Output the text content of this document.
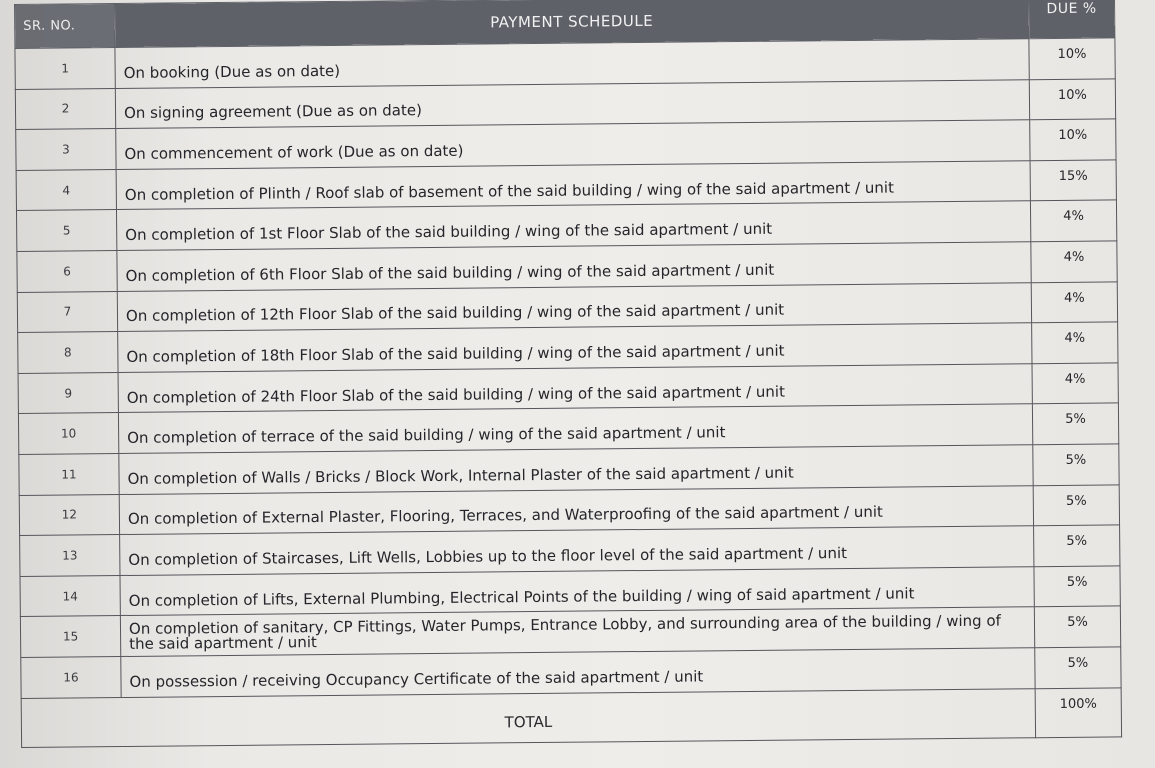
SR. NO.	PAYMENT SCHEDULE	DUE %
1	On booking (Due as on date)	10%
2	On signing agreement (Due as on date)	10%
3	On commencement of work (Due as on date)	10%
4	On completion of Plinth / Roof slab of basement of the said building / wing of the said apartment / unit	15%
5	On completion of 1st Floor Slab of the said building / wing of the said apartment / unit	4%
6	On completion of 6th Floor Slab of the said building / wing of the said apartment / unit	4%
7	On completion of 12th Floor Slab of the said building / wing of the said apartment / unit	4%
8	On completion of 18th Floor Slab of the said building / wing of the said apartment / unit	4%
9	On completion of 24th Floor Slab of the said building / wing of the said apartment / unit	4%
10	On completion of terrace of the said building / wing of the said apartment / unit	5%
11	On completion of Walls / Bricks / Block Work, Internal Plaster of the said apartment / unit	5%
12	On completion of External Plaster, Flooring, Terraces, and Waterproofing of the said apartment / unit	5%
13	On completion of Staircases, Lift Wells, Lobbies up to the floor level of the said apartment / unit	5%
14	On completion of Lifts, External Plumbing, Electrical Points of the building / wing of said apartment / unit	5%
15	On completion of sanitary, CP Fittings, Water Pumps, Entrance Lobby, and surrounding area of the building / wing of the said apartment / unit	5%
16	On possession / receiving Occupancy Certificate of the said apartment / unit	5%
TOTAL		100%
